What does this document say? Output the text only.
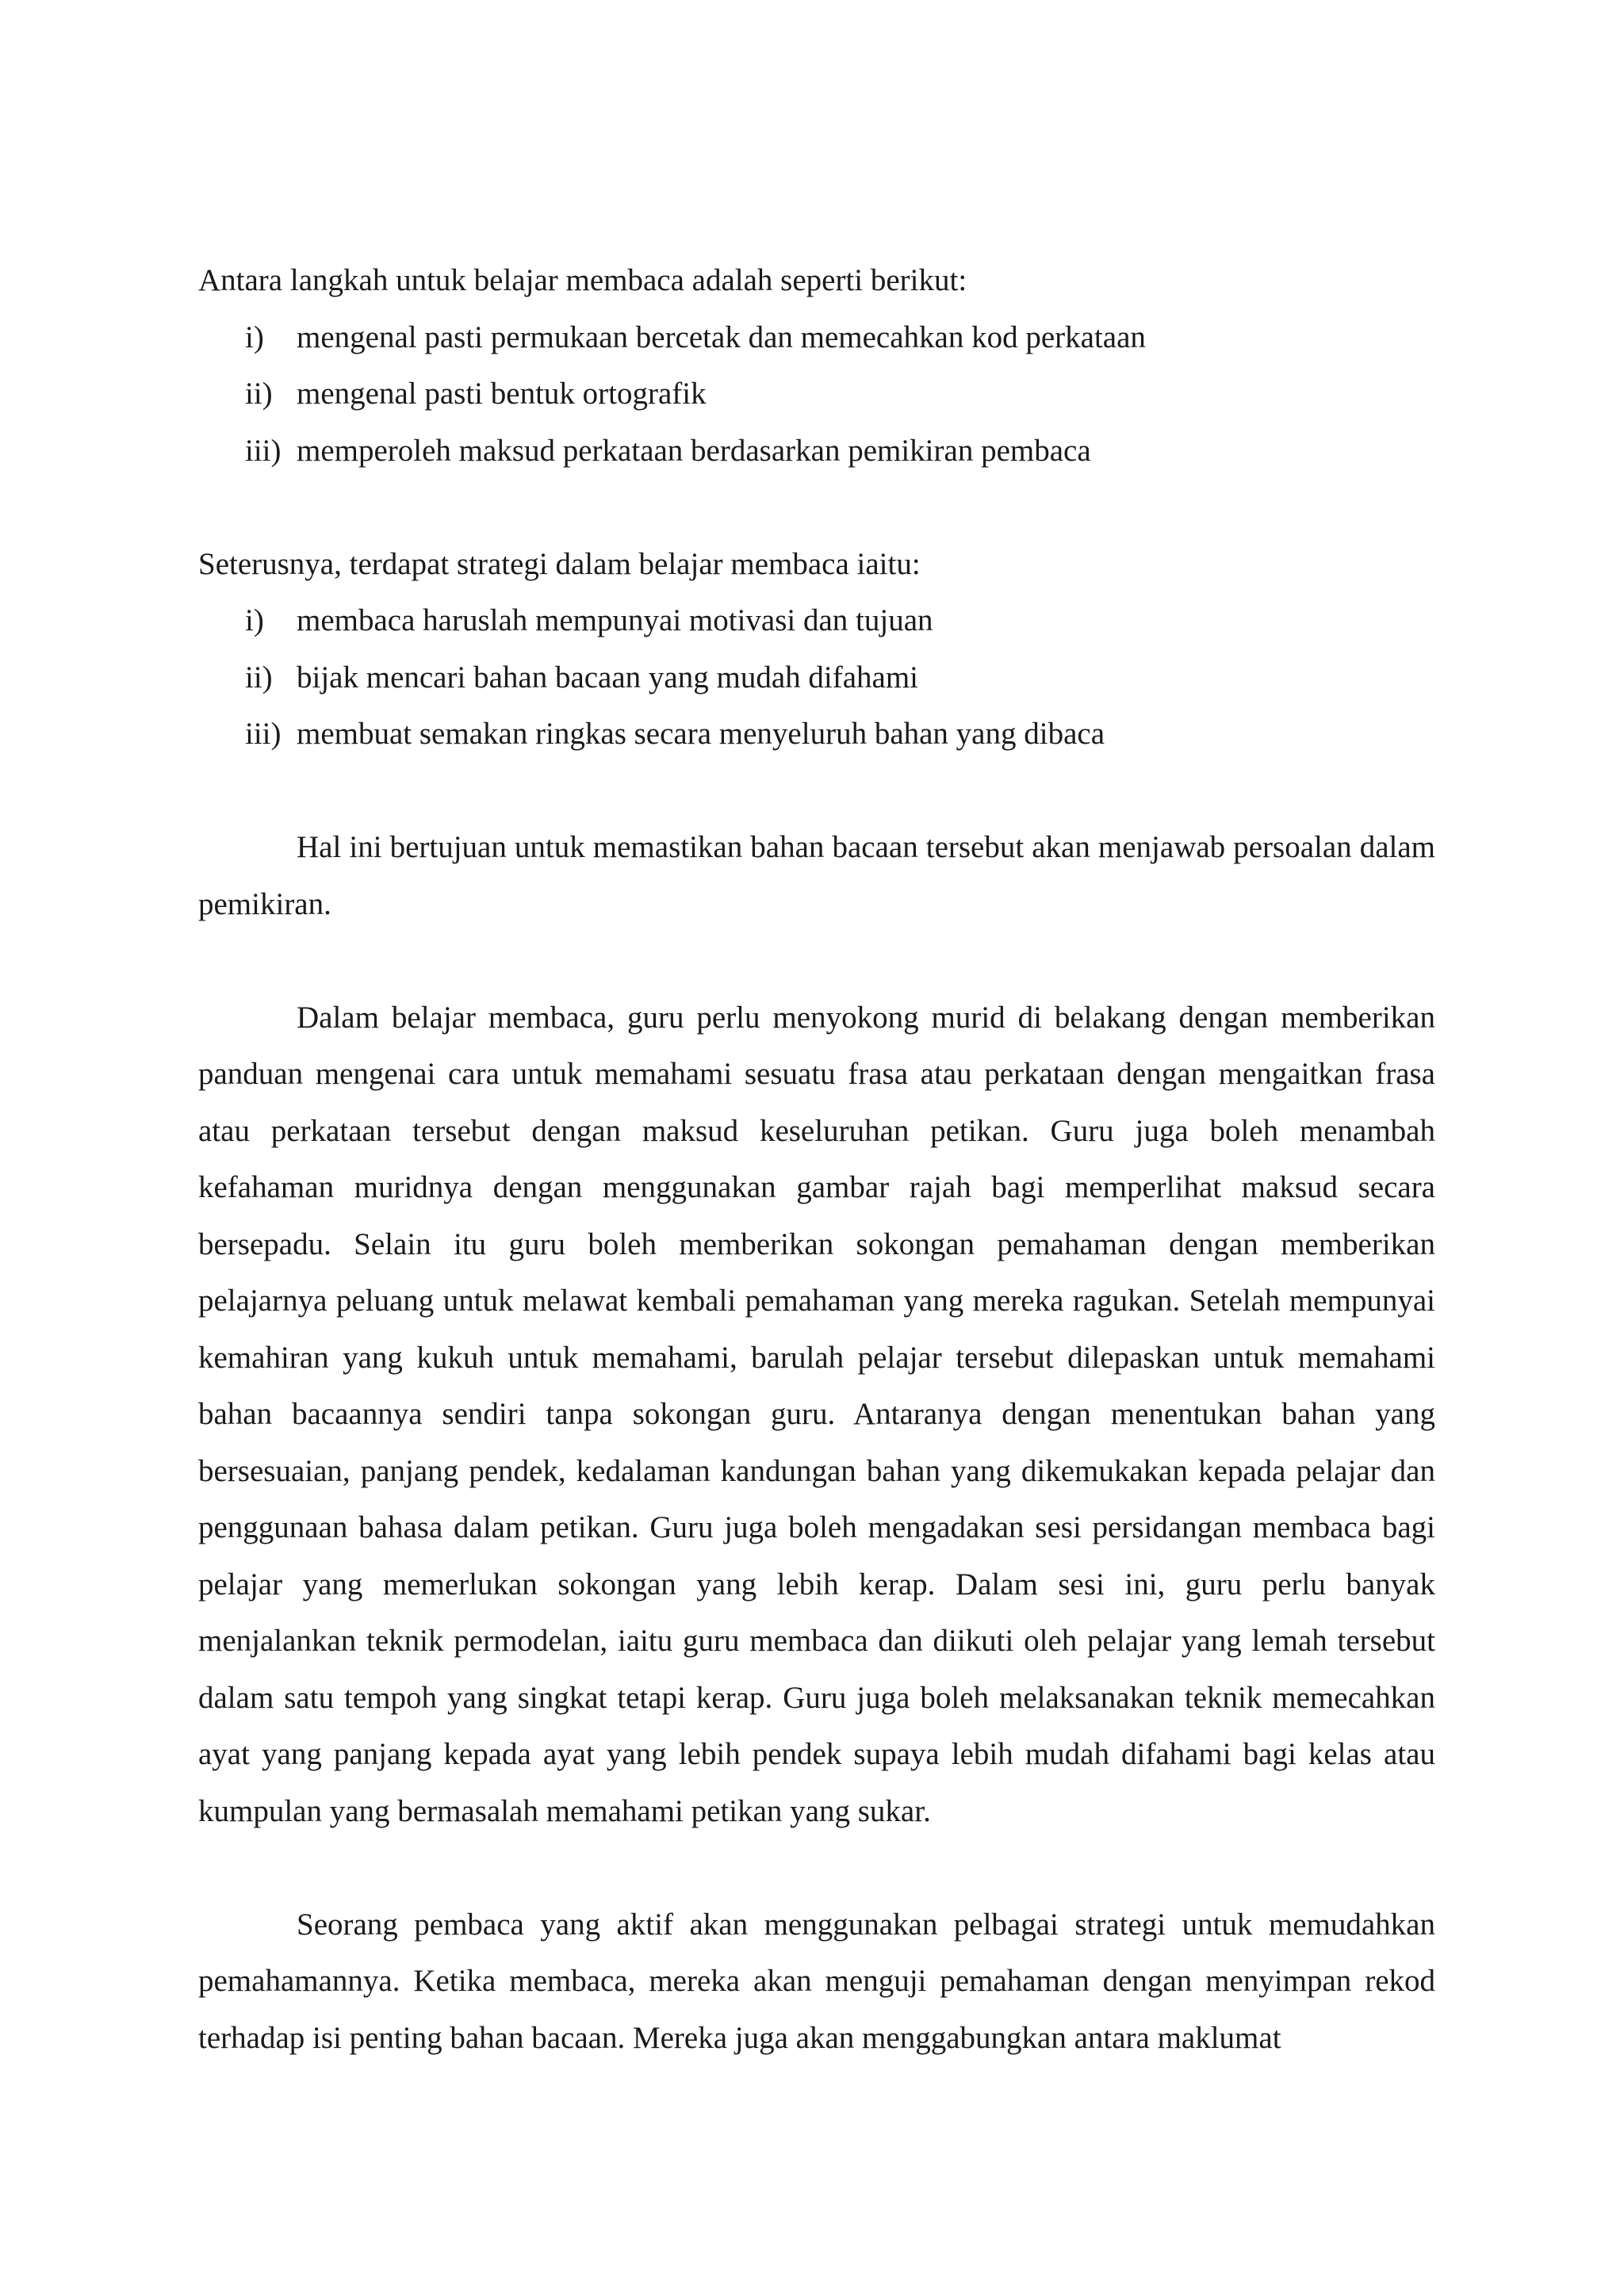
Antara langkah untuk belajar membaca adalah seperti berikut:

i) mengenal pasti permukaan bercetak dan memecahkan kod perkataan
ii) mengenal pasti bentuk ortografik
iii) memperoleh maksud perkataan berdasarkan pemikiran pembaca

Seterusnya, terdapat strategi dalam belajar membaca iaitu:

i) membaca haruslah mempunyai motivasi dan tujuan
ii) bijak mencari bahan bacaan yang mudah difahami
iii) membuat semakan ringkas secara menyeluruh bahan yang dibaca

Hal ini bertujuan untuk memastikan bahan bacaan tersebut akan menjawab persoalan dalam pemikiran.

Dalam belajar membaca, guru perlu menyokong murid di belakang dengan memberikan panduan mengenai cara untuk memahami sesuatu frasa atau perkataan dengan mengaitkan frasa atau perkataan tersebut dengan maksud keseluruhan petikan. Guru juga boleh menambah kefahaman muridnya dengan menggunakan gambar rajah bagi memperlihat maksud secara bersepadu. Selain itu guru boleh memberikan sokongan pemahaman dengan memberikan pelajarnya peluang untuk melawat kembali pemahaman yang mereka ragukan. Setelah mempunyai kemahiran yang kukuh untuk memahami, barulah pelajar tersebut dilepaskan untuk memahami bahan bacaannya sendiri tanpa sokongan guru. Antaranya dengan menentukan bahan yang bersesuaian, panjang pendek, kedalaman kandungan bahan yang dikemukakan kepada pelajar dan penggunaan bahasa dalam petikan. Guru juga boleh mengadakan sesi persidangan membaca bagi pelajar yang memerlukan sokongan yang lebih kerap. Dalam sesi ini, guru perlu banyak menjalankan teknik permodelan, iaitu guru membaca dan diikuti oleh pelajar yang lemah tersebut dalam satu tempoh yang singkat tetapi kerap. Guru juga boleh melaksanakan teknik memecahkan ayat yang panjang kepada ayat yang lebih pendek supaya lebih mudah difahami bagi kelas atau kumpulan yang bermasalah memahami petikan yang sukar.

Seorang pembaca yang aktif akan menggunakan pelbagai strategi untuk memudahkan pemahamannya. Ketika membaca, mereka akan menguji pemahaman dengan menyimpan rekod terhadap isi penting bahan bacaan. Mereka juga akan menggabungkan antara maklumat
